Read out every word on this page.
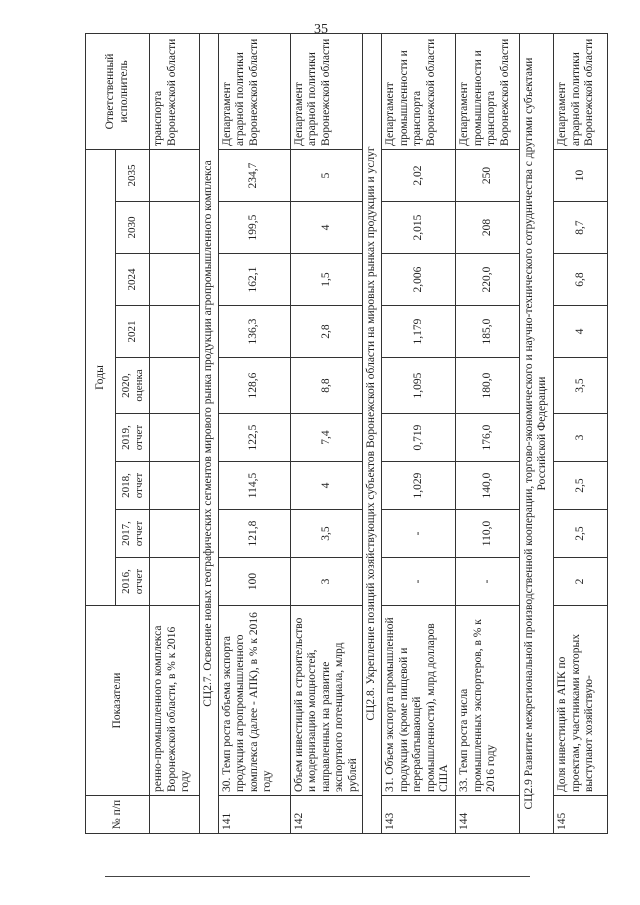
35
№ п/п	Показатели	Годы									Ответственный исполнитель
		2016, отчет	2017, отчет	2018, отчет	2019, отчет	2020, оценка	2021	2024	2030	2035	
	ренно-промышленного комплекса Воронежской области, в % к 2016 году										транспорта Воронежской области
СЦ2.7. Освоение новых географических сегментов мирового рынка продукции агропромышленного комплекса											
141	30. Темп роста объема экспорта продукции агропромышленного комплекса (далее - АПК), в % к 2016 году	100	121,8	114,5	122,5	128,6	136,3	162,1	199,5	234,7	Департамент аграрной политики Воронежской области
142	Объем инвестиций в строительство и модернизацию мощностей, направленных на развитие экспортного потенциала, млрд рублей	3	3,5	4	7,4	8,8	2,8	1,5	4	5	Департамент аграрной политики Воронежской области
СЦ2.8. Укрепление позиций хозяйствующих субъектов Воронежской области на мировых рынках продукции и услуг											
143	31. Объем экспорта промышленной продукции (кроме пищевой и перерабатывающей промышленности), млрд долларов США	-	-	1,029	0,719	1,095	1,179	2,006	2,015	2,02	Департамент промышленности и транспорта Воронежской области
144	33. Темп роста числа промышленных экспортеров, в % к 2016 году	-	110,0	140,0	176,0	180,0	185,0	220,0	208	250	Департамент промышленности и транспорта Воронежской области
СЦ2.9 Развитие межрегиональной производственной кооперации, торгово-экономического и научно-технического сотрудничества с другими субъектами Российской Федерации											
145	Доля инвестиций в АПК по проектам, участниками которых выступают хозяйствую-	2	2,5	2,5	3	3,5	4	6,8	8,7	10	Департамент аграрной политики Воронежской области
